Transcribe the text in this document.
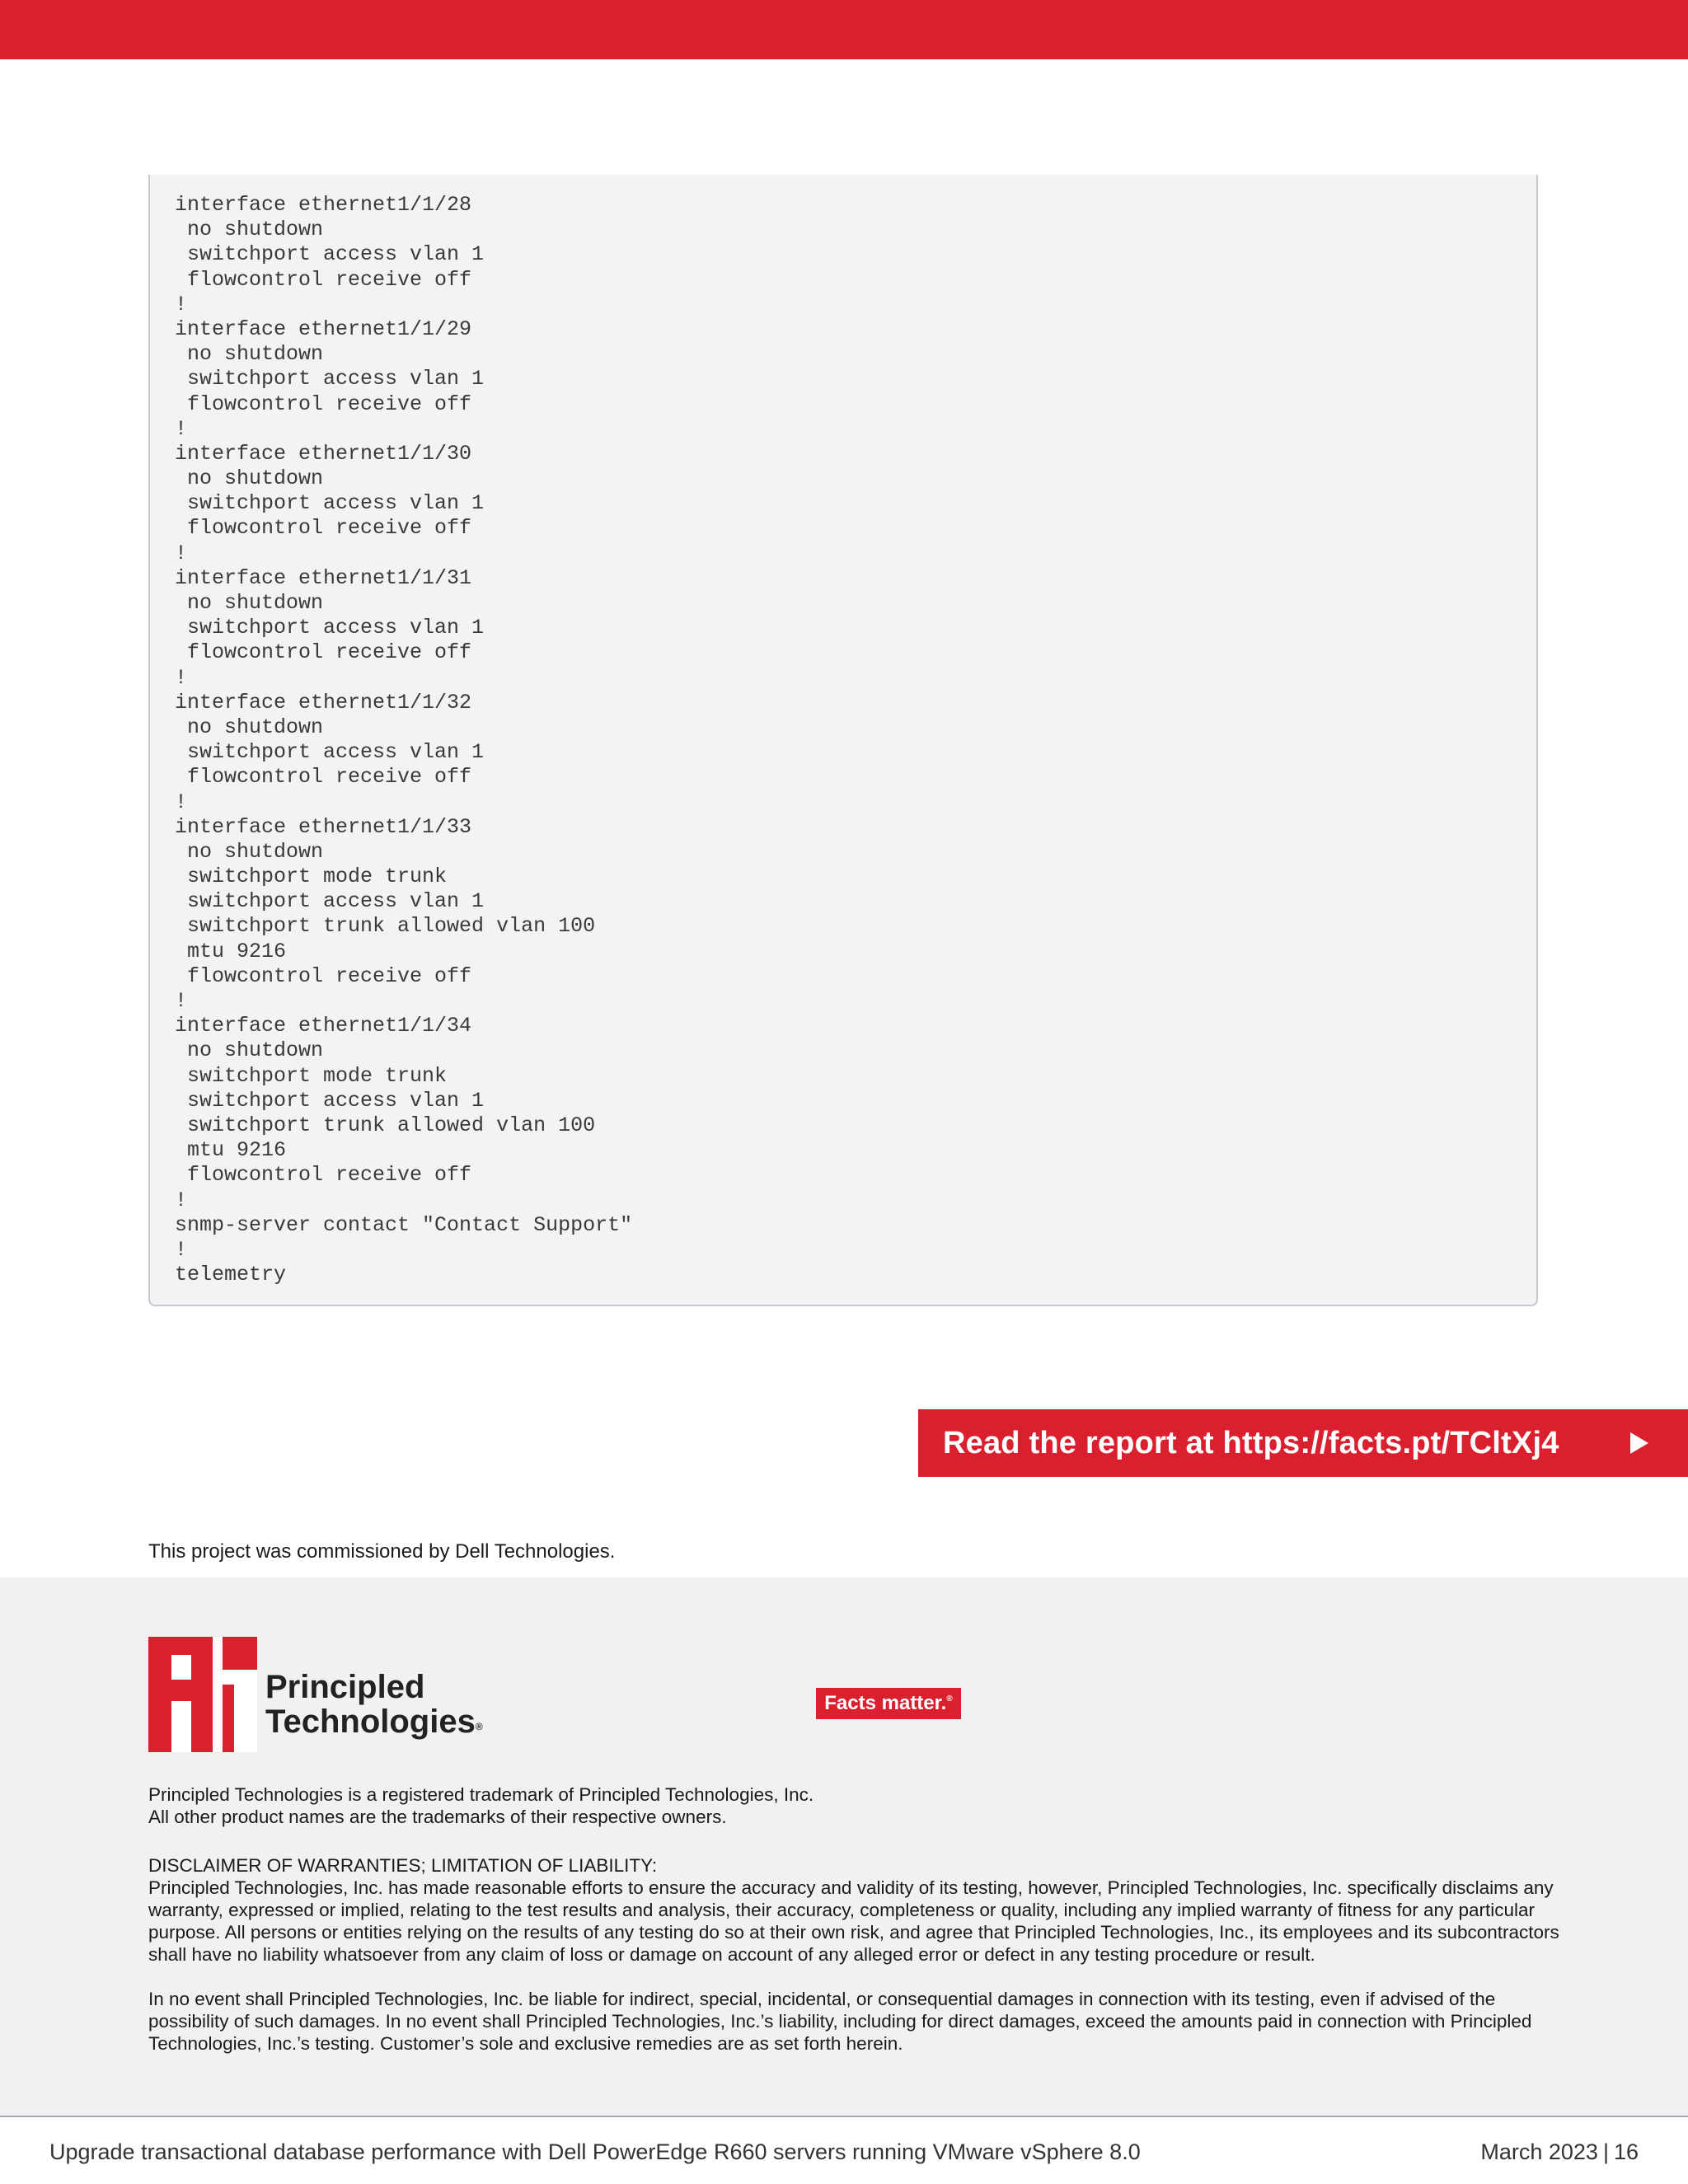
interface ethernet1/1/28
no shutdown
switchport access vlan 1
flowcontrol receive off
!
interface ethernet1/1/29
no shutdown
switchport access vlan 1
flowcontrol receive off
!
interface ethernet1/1/30
no shutdown
switchport access vlan 1
flowcontrol receive off
!
interface ethernet1/1/31
no shutdown
switchport access vlan 1
flowcontrol receive off
!
interface ethernet1/1/32
no shutdown
switchport access vlan 1
flowcontrol receive off
!
interface ethernet1/1/33
no shutdown
switchport mode trunk
switchport access vlan 1
switchport trunk allowed vlan 100
mtu 9216
flowcontrol receive off
!
interface ethernet1/1/34
no shutdown
switchport mode trunk
switchport access vlan 1
switchport trunk allowed vlan 100
mtu 9216
flowcontrol receive off
!
snmp-server contact "Contact Support"
!
telemetry
Read the report at https://facts.pt/TCltXj4
This project was commissioned by Dell Technologies.
Principled
Technologies®
Facts matter. ®
Principled Technologies is a registered trademark of Principled Technologies, Inc.
All other product names are the trademarks of their respective owners.
DISCLAIMER OF WARRANTIES; LIMITATION OF LIABILITY:
Principled Technologies, Inc. has made reasonable efforts to ensure the accuracy and validity of its testing, however, Principled Technologies, Inc. specifically disclaims any warranty, expressed or implied, relating to the test results and analysis, their accuracy, completeness or quality, including any implied warranty of fitness for any particular purpose. All persons or entities relying on the results of any testing do so at their own risk, and agree that Principled Technologies, Inc., its employees and its subcontractors shall have no liability whatsoever from any claim of loss or damage on account of any alleged error or defect in any testing procedure or result.
In no event shall Principled Technologies, Inc. be liable for indirect, special, incidental, or consequential damages in connection with its testing, even if advised of the possibility of such damages. In no event shall Principled Technologies, Inc.’s liability, including for direct damages, exceed the amounts paid in connection with Principled Technologies, Inc.’s testing. Customer’s sole and exclusive remedies are as set forth herein.
Upgrade transactional database performance with Dell PowerEdge R660 servers running VMware vSphere 8.0	March 2023 | 16
